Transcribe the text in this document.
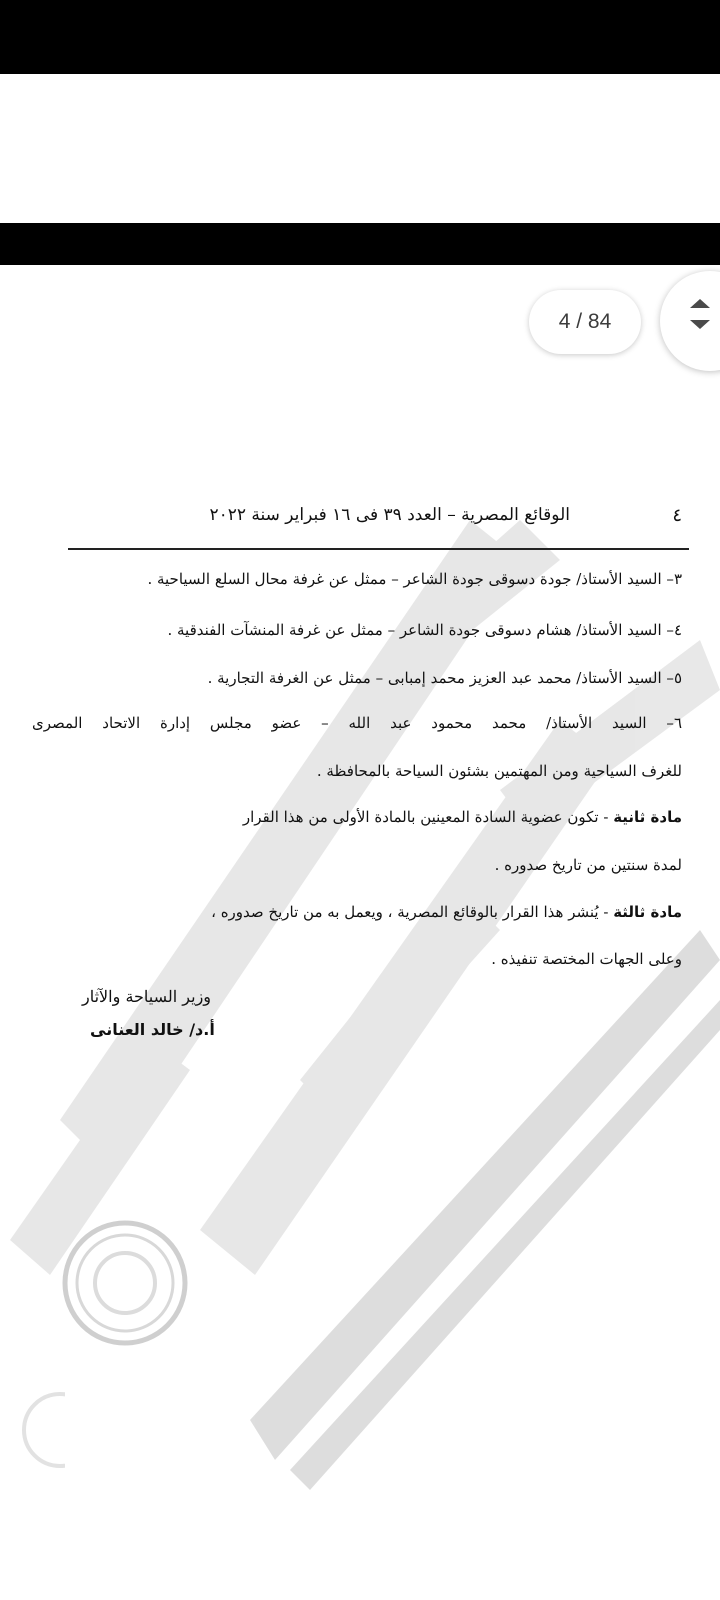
4 / 84
٤
الوقائع المصرية – العدد ٣٩ فى ١٦ فبراير سنة ٢٠٢٢
٣– السيد الأستاذ/ جودة دسوقى جودة الشاعر – ممثل عن غرفة محال السلع السياحية .
٤– السيد الأستاذ/ هشام دسوقى جودة الشاعر – ممثل عن غرفة المنشآت الفندقية .
٥– السيد الأستاذ/ محمد عبد العزيز محمد إمبابى – ممثل عن الغرفة التجارية .
٦– السيد الأستاذ/ محمد محمود عبد الله – عضو مجلس إدارة الاتحاد المصرى
للغرف السياحية ومن المهتمين بشئون السياحة بالمحافظة .
مادة ثانية - تكون عضوية السادة المعينين بالمادة الأولى من هذا القرار
لمدة سنتين من تاريخ صدوره .
مادة ثالثة - يُنشر هذا القرار بالوقائع المصرية ، ويعمل به من تاريخ صدوره ،
وعلى الجهات المختصة تنفيذه .
وزير السياحة والآثار
أ.د/ خالد العنانى
